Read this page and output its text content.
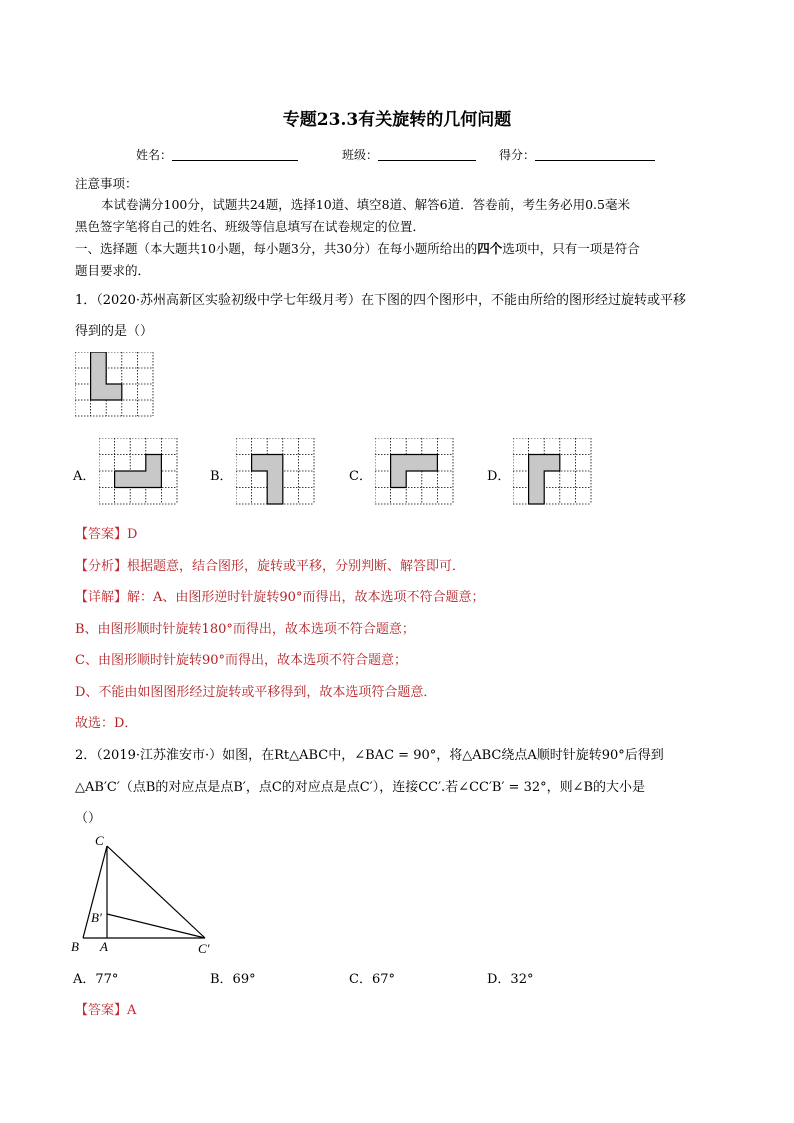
专题23.3有关旋转的几何问题
姓名：	班级：	得分：
注意事项：
本试卷满分100分，试题共24题，选择10道、填空8道、解答6道．答卷前，考生务必用0.5毫米
黑色签字笔将自己的姓名、班级等信息填写在试卷规定的位置．
一、选择题（本大题共10小题，每小题3分，共30分）在每小题所给出的四个选项中，只有一项是符合
题目要求的．
1．（2020·苏州高新区实验初级中学七年级月考）在下图的四个图形中，不能由所给的图形经过旋转或平移
得到的是（）
A．	B．	C．	D．
【答案】D
【分析】根据题意，结合图形，旋转或平移，分别判断、解答即可．
【详解】解：A、由图形逆时针旋转90°而得出，故本选项不符合题意；
B、由图形顺时针旋转180°而得出，故本选项不符合题意；
C、由图形顺时针旋转90°而得出，故本选项不符合题意；
D、不能由如图图形经过旋转或平移得到，故本选项符合题意．
故选：D．
2．（2019·江苏淮安市·）如图，在Rt△ABC中，∠BAC = 90°，将△ABC绕点A顺时针旋转90°后得到
△AB′C′（点B的对应点是点B′，点C的对应点是点C′），连接CC′.若∠CC′B′ = 32°，则∠B的大小是
（）
C
B′
B A	C′
A．77°	B．69°	C．67°	D．32°
【答案】A
